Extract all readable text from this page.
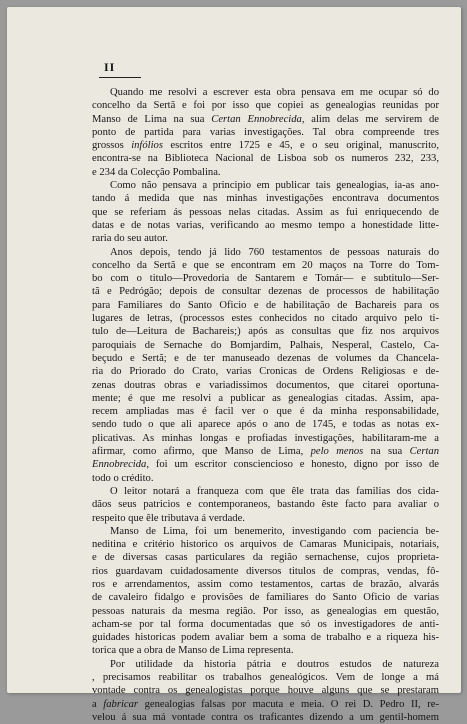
II
Quando me resolvi a escrever esta obra pensava em me ocupar só do
concelho da Sertã e foi por isso que copiei as genealogias reunidas por
Manso de Lima na sua Certan Ennobrecida, alim delas me servirem de
ponto de partida para varias investigações. Tal obra compreende tres
grossos infólios escritos entre 1725 e 45, e o seu original, manuscrito,
encontra-se na Biblioteca Nacional de Lisboa sob os numeros 232, 233,
e 234 da Colecção Pombalina.
Como não pensava a principio em publicar tais genealogias, ia-as ano-
tando á medida que nas minhas investigações encontrava documentos
que se referiam ás pessoas nelas citadas. Assim as fui enriquecendo de
datas e de notas varias, verificando ao mesmo tempo a honestidade litte-
raria do seu autor.
Anos depois, tendo já lido 760 testamentos de pessoas naturais do
concelho da Sertã e que se encontram em 20 maços na Torre do Tom-
bo com o titulo—Provedoria de Santarem e Tomár— e subtitulo—Ser-
tã e Pedrógão; depois de consultar dezenas de processos de habilitação
para Familiares do Santo Oficio e de habilitação de Bachareis para os
lugares de letras, (processos estes conhecidos no citado arquivo pelo ti-
tulo de—Leitura de Bachareis;) após as consultas que fiz nos arquivos
paroquiais de Sernache do Bomjardim, Palhais, Nesperal, Castelo, Ca-
beçudo e Sertã; e de ter manuseado dezenas de volumes da Chancela-
ria do Priorado do Crato, varias Cronicas de Ordens Religiosas e de-
zenas doutras obras e variadissimos documentos, que citarei oportuna-
mente; é que me resolvi a publicar as genealogias citadas. Assim, apa-
recem ampliadas mas é facil ver o que é da minha responsabilidade,
sendo tudo o que ali aparece após o ano de 1745, e todas as notas ex-
plicativas. As minhas longas e profiadas investigações, habilitaram-me a
afirmar, como afirmo, que Manso de Lima, pelo menos na sua Certan
Ennobrecida, foi um escritor consciencioso e honesto, digno por isso de
todo o crédito.
O leitor notará a franqueza com que êle trata das familias dos cida-
dãos seus patricios e contemporaneos, bastando êste facto para avaliar o
respeito que êle tributava á verdade.
Manso de Lima, foi um benemerito, investigando com paciencia be-
neditina e critério historico os arquivos de Camaras Municipais, notariais,
e de diversas casas particulares da região sernachense, cujos proprieta-
rios guardavam cuidadosamente diversos titulos de compras, vendas, fô-
ros e arrendamentos, assim como testamentos, cartas de brazão, alvarás
de cavaleiro fidalgo e provisões de familiares do Santo Oficio de varias
pessoas naturais da mesma região. Por isso, as genealogias em questão,
acham-se por tal forma documentadas que só os investigadores de anti-
guidades historicas podem avaliar bem a soma de trabalho e a riqueza his-
torica que a obra de Manso de Lima representa.
Por utilidade da historia pátria e doutros estudos de natureza
, precisamos reabilitar os trabalhos genealógicos. Vem de longe a má
vontade contra os genealogistas porque houve alguns que se prestaram
a fabricar genealogias falsas por macuta e meia. O rei D. Pedro II, re-
velou á sua má vontade contra os traficantes dizendo a um gentil-homem
